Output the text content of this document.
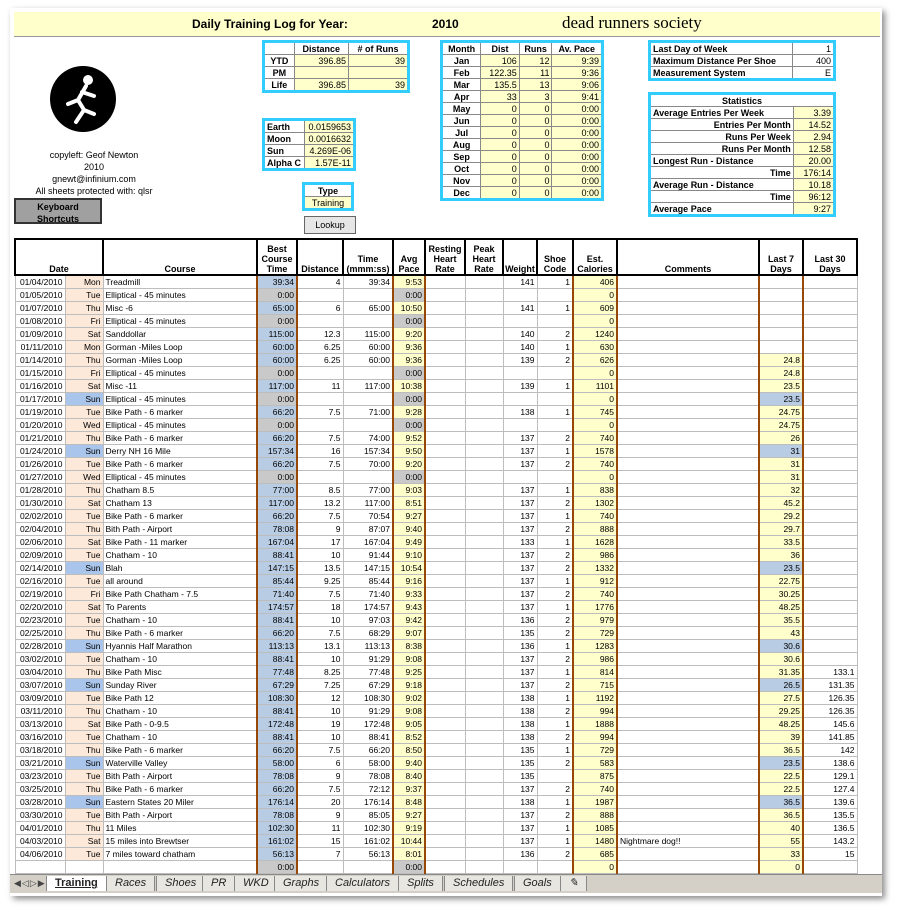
Daily Training Log for Year:	2010	dead runners society
copyleft: Geof Newton
2010
gnewt@infinium.com
All sheets protected with: qlsr
Keyboard Shortcuts
	Distance	# of Runs
YTD	396.85	39
PM		
Life	396.85	39
Earth	0.0159653
Moon	0.0016632
Sun	4.269E-06
Alpha C	1.57E-11
Type
Training
Lookup
Month	Dist	Runs	Av. Pace
Jan	106	12	9:39
Feb	122.35	11	9:36
Mar	135.5	13	9:06
Apr	33	3	9:41
May	0	0	0:00
Jun	0	0	0:00
Jul	0	0	0:00
Aug	0	0	0:00
Sep	0	0	0:00
Oct	0	0	0:00
Nov	0	0	0:00
Dec	0	0	0:00
Last Day of Week	1
Maximum Distance Per Shoe	400
Measurement System	E
Statistics	
Average Entries Per Week	3.39
Entries Per Month	14.52
Runs Per Week	2.94
Runs Per Month	12.58
Longest Run - Distance	20.00
Time	176:14
Average Run - Distance	10.18
Time	96:12
Average Pace	9:27
Date		Course	Best Course Time	Distance	Time (mmm:ss)	Avg Pace	Resting Heart Rate	Peak Heart Rate	Weight	Shoe Code	Est. Calories	Comments	Last 7 Days	Last 30 Days
01/04/2010	Mon	Treadmill	39:34	4	39:34	9:53			141	1	406			
01/05/2010	Tue	Elliptical - 45 minutes	0:00			0:00					0			
01/07/2010	Thu	Misc -6	65:00	6	65:00	10:50			141	1	609			
01/08/2010	Fri	Elliptical - 45 minutes	0:00			0:00					0			
01/09/2010	Sat	Sanddollar	115:00	12.3	115:00	9:20			140	2	1240			
01/11/2010	Mon	Gorman -Miles Loop	60:00	6.25	60:00	9:36			140	1	630			
01/14/2010	Thu	Gorman -Miles Loop	60:00	6.25	60:00	9:36			139	2	626		24.8	
01/15/2010	Fri	Elliptical - 45 minutes	0:00			0:00					0		24.8	
01/16/2010	Sat	Misc -11	117:00	11	117:00	10:38			139	1	1101		23.5	
01/17/2010	Sun	Elliptical - 45 minutes	0:00			0:00					0		23.5	
01/19/2010	Tue	Bike Path - 6 marker	66:20	7.5	71:00	9:28			138	1	745		24.75	
01/20/2010	Wed	Elliptical - 45 minutes	0:00			0:00					0		24.75	
01/21/2010	Thu	Bike Path - 6 marker	66:20	7.5	74:00	9:52			137	2	740		26	
01/24/2010	Sun	Derry NH 16 Mile	157:34	16	157:34	9:50			137	1	1578		31	
01/26/2010	Tue	Bike Path - 6 marker	66:20	7.5	70:00	9:20			137	2	740		31	
01/27/2010	Wed	Elliptical - 45 minutes	0:00			0:00					0		31	
01/28/2010	Thu	Chatham 8.5	77:00	8.5	77:00	9:03			137	1	838		32	
01/30/2010	Sat	Chatham 13	117:00	13.2	117:00	8:51			137	2	1302		45.2	
02/02/2010	Tue	Bike Path - 6 marker	66:20	7.5	70:54	9:27			137	1	740		29.2	
02/04/2010	Thu	Bith Path - Airport	78:08	9	87:07	9:40			137	2	888		29.7	
02/06/2010	Sat	Bike Path - 11 marker	167:04	17	167:04	9:49			133	1	1628		33.5	
02/09/2010	Tue	Chatham - 10	88:41	10	91:44	9:10			137	2	986		36	
02/14/2010	Sun	Blah	147:15	13.5	147:15	10:54			137	2	1332		23.5	
02/16/2010	Tue	all around	85:44	9.25	85:44	9:16			137	1	912		22.75	
02/19/2010	Fri	Bike Path Chatham - 7.5	71:40	7.5	71:40	9:33			137	2	740		30.25	
02/20/2010	Sat	To Parents	174:57	18	174:57	9:43			137	1	1776		48.25	
02/23/2010	Tue	Chatham - 10	88:41	10	97:03	9:42			136	2	979		35.5	
02/25/2010	Thu	Bike Path - 6 marker	66:20	7.5	68:29	9:07			135	2	729		43	
02/28/2010	Sun	Hyannis Half Marathon	113:13	13.1	113:13	8:38			136	1	1283		30.6	
03/02/2010	Tue	Chatham - 10	88:41	10	91:29	9:08			137	2	986		30.6	
03/04/2010	Thu	Bike Path Misc	77:48	8.25	77:48	9:25			137	1	814		31.35	133.1
03/07/2010	Sun	Sunday River	67:29	7.25	67:29	9:18			137	2	715		26.5	131.35
03/09/2010	Tue	Bike Path 12	108:30	12	108:30	9:02			138	1	1192		27.5	126.35
03/11/2010	Thu	Chatham - 10	88:41	10	91:29	9:08			138	2	994		29.25	126.35
03/13/2010	Sat	Bike Path - 0-9.5	172:48	19	172:48	9:05			138	1	1888		48.25	145.6
03/16/2010	Tue	Chatham - 10	88:41	10	88:41	8:52			138	2	994		39	141.85
03/18/2010	Thu	Bike Path - 6 marker	66:20	7.5	66:20	8:50			135	1	729		36.5	142
03/21/2010	Sun	Waterville Valley	58:00	6	58:00	9:40			135	2	583		23.5	138.6
03/23/2010	Tue	Bith Path - Airport	78:08	9	78:08	8:40			135		875		22.5	129.1
03/25/2010	Thu	Bike Path - 6 marker	66:20	7.5	72:12	9:37			137	2	740		22.5	127.4
03/28/2010	Sun	Eastern States 20 Miler	176:14	20	176:14	8:48			138	1	1987		36.5	139.6
03/30/2010	Tue	Bith Path - Airport	78:08	9	85:05	9:27			137	2	888		36.5	135.5
04/01/2010	Thu	11 Miles	102:30	11	102:30	9:19			137	1	1085		40	136.5
04/03/2010	Sat	15 miles into Brewtser	161:02	15	161:02	10:44			137	1	1480	Nightmare dog!!	55	143.2
04/06/2010	Tue	7 miles toward chatham	56:13	7	56:13	8:01			136	2	685		33	15
			0:00			0:00					0		0	
◀◁▷▶ Training	Races	Shoes	PR	WKD	Graphs	Calculators	Splits	Schedules	Goals	✎
